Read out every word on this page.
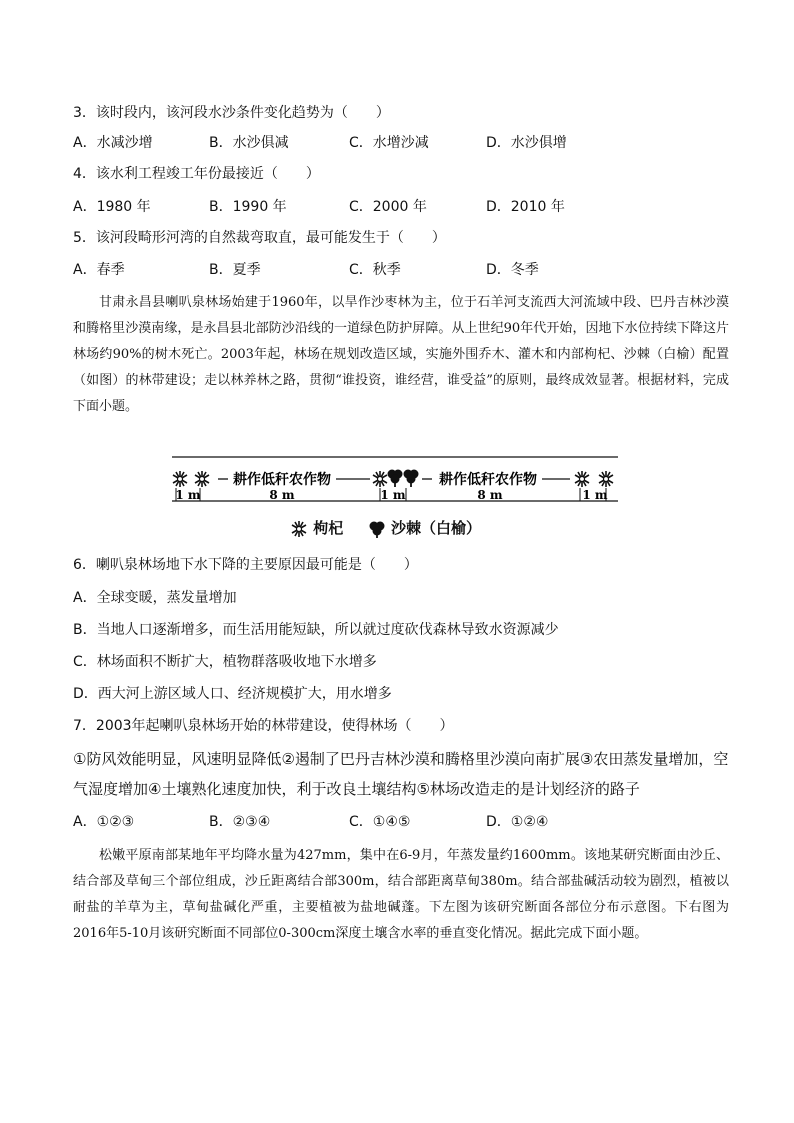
3．该时段内，该河段水沙条件变化趋势为（　　）
A．水减沙增	B．水沙俱减	C．水增沙减	D．水沙俱增
4．该水利工程竣工年份最接近（　　）
A．1980 年	B．1990 年	C．2000 年	D．2010 年
5．该河段畸形河湾的自然裁弯取直，最可能发生于（　　）
A．春季	B．夏季	C．秋季	D．冬季

甘肃永昌县喇叭泉林场始建于1960年，以旱作沙枣林为主，位于石羊河支流西大河流域中段、巴丹吉林沙漠和腾格里沙漠南缘，是永昌县北部防沙沿线的一道绿色防护屏障。从上世纪90年代开始，因地下水位持续下降这片林场约90%的树木死亡。2003年起，林场在规划改造区域，实施外围乔木、灌木和内部枸杞、沙棘（白榆）配置（如图）的林带建设；走以林养林之路，贯彻“谁投资，谁经营，谁受益”的原则，最终成效显著。根据材料，完成下面小题。

耕作低秆农作物	耕作低秆农作物
1 m	8 m	1 m	8 m	1 m
枸杞	沙棘（白榆）
6．喇叭泉林场地下水下降的主要原因最可能是（　　）
A．全球变暖，蒸发量增加
B．当地人口逐渐增多，而生活用能短缺，所以就过度砍伐森林导致水资源减少
C．林场面积不断扩大，植物群落吸收地下水增多
D．西大河上游区域人口、经济规模扩大，用水增多
7．2003年起喇叭泉林场开始的林带建设，使得林场（　　）
①防风效能明显，风速明显降低②遏制了巴丹吉林沙漠和腾格里沙漠向南扩展③农田蒸发量增加，空气湿度增加④土壤熟化速度加快，利于改良土壤结构⑤林场改造走的是计划经济的路子
A．①②③	B．②③④	C．①④⑤	D．①②④

松嫩平原南部某地年平均降水量为427mm，集中在6-9月，年蒸发量约1600mm。该地某研究断面由沙丘、结合部及草甸三个部位组成，沙丘距离结合部300m，结合部距离草甸380m。结合部盐碱活动较为剧烈，植被以耐盐的羊草为主，草甸盐碱化严重，主要植被为盐地碱蓬。下左图为该研究断面各部位分布示意图。下右图为2016年5-10月该研究断面不同部位0-300cm深度土壤含水率的垂直变化情况。据此完成下面小题。
